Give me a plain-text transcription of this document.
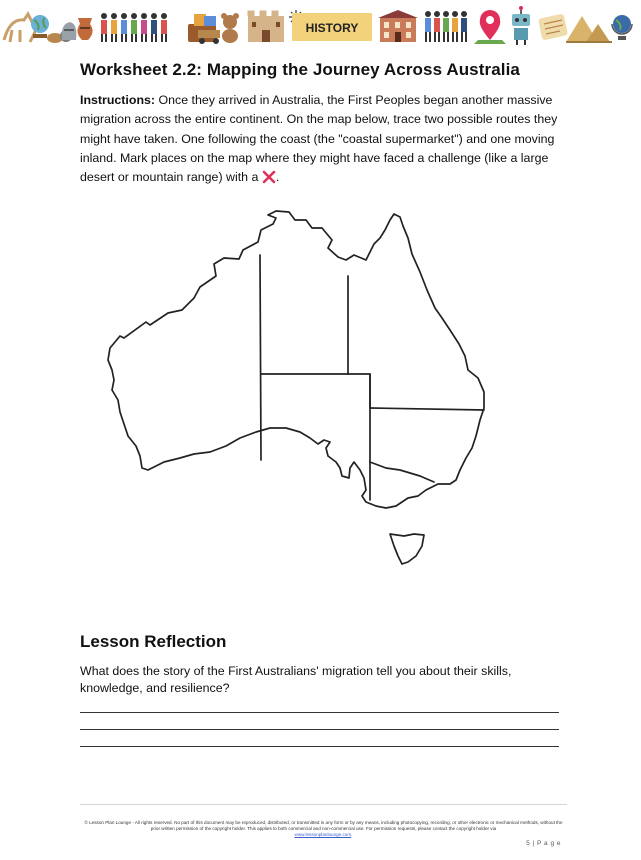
HISTORY
Worksheet 2.2: Mapping the Journey Across Australia

Instructions: Once they arrived in Australia, the First Peoples began another massive migration across the entire continent. On the map below, trace two possible routes they might have taken. One following the coast (the "coastal supermarket") and one moving inland. Mark places on the map where they might have faced a challenge (like a large desert or mountain range) with a .

Lesson Reflection

What does the story of the First Australians' migration tell you about their skills, knowledge, and resilience?

© Lesson Plan Lounge - All rights reserved. No part of this document may be reproduced, distributed, or transmitted in any form or by any means, including photocopying, recording, or other electronic or mechanical methods, without the prior written permission of the copyright holder. This applies to both commercial and non-commercial use. For permission requests, please contact the copyright holder via
www.lessonplanlounge.com.
5 | P a g e
